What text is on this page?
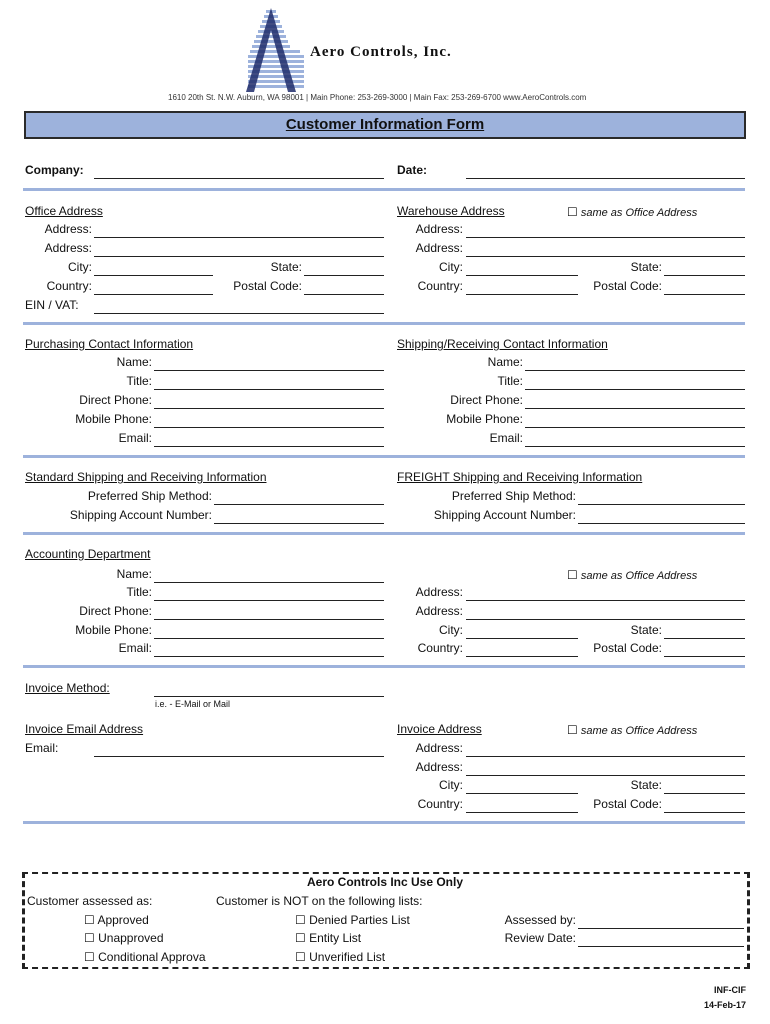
Aero Controls, Inc.
1610 20th St. N.W. Auburn, WA 98001 | Main Phone: 253-269-3000 | Main Fax: 253-269-6700 www.AeroControls.com
Customer Information Form
Company:	Date:
Office Address
Address:
Address:
City:	State:
Country:	Postal Code:
EIN / VAT:
Warehouse Address	☐ same as Office Address
Address:
Address:
City:	State:
Country:	Postal Code:
Purchasing Contact Information
Name:
Title:
Direct Phone:
Mobile Phone:
Email:
Shipping/Receiving Contact Information
Name:
Title:
Direct Phone:
Mobile Phone:
Email:
Standard Shipping and Receiving Information
Preferred Ship Method:
Shipping Account Number:
FREIGHT Shipping and Receiving Information
Preferred Ship Method:
Shipping Account Number:
Accounting Department
Name:
Title:
Direct Phone:
Mobile Phone:
Email:
☐ same as Office Address
Address:
Address:
City:	State:
Country:	Postal Code:
Invoice Method:
i.e. - E-Mail or Mail
Invoice Email Address
Email:
Invoice Address	☐ same as Office Address
Address:
Address:
City:	State:
Country:	Postal Code:
Aero Controls Inc Use Only
Customer assessed as:
☐ Approved
☐ Unapproved
☐ Conditional Approva
Customer is NOT on the following lists:
☐ Denied Parties List
☐ Entity List
☐ Unverified List
Assessed by:
Review Date:
INF-CIF
14-Feb-17
